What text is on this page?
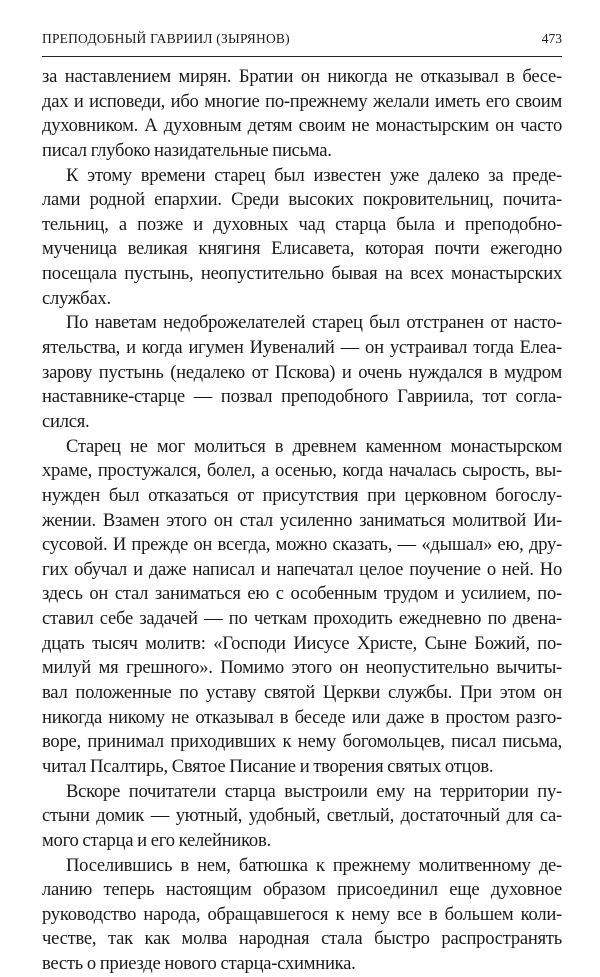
ПРЕПОДОБНЫЙ ГАВРИИЛ (ЗЫРЯНОВ)	473
за наставлением мирян. Братии он никогда не отказывал в бесе-
дах и исповеди, ибо многие по-прежнему желали иметь его своим
духовником. А духовным детям своим не монастырским он часто
писал глубоко назидательные письма.
К этому времени старец был известен уже далеко за преде-
лами родной епархии. Среди высоких покровительниц, почита-
тельниц, а позже и духовных чад старца была и преподобно-
мученица великая княгиня Елисавета, которая почти ежегодно
посещала пустынь, неопустительно бывая на всех монастырских
службах.
По наветам недоброжелателей старец был отстранен от насто-
ятельства, и когда игумен Иувеналий — он устраивал тогда Елеа-
зарову пустынь (недалеко от Пскова) и очень нуждался в мудром
наставнике-старце — позвал преподобного Гавриила, тот согла-
сился.
Старец не мог молиться в древнем каменном монастырском
храме, простужался, болел, а осенью, когда началась сырость, вы-
нужден был отказаться от присутствия при церковном богослу-
жении. Взамен этого он стал усиленно заниматься молитвой Ии-
сусовой. И прежде он всегда, можно сказать, — «дышал» ею, дру-
гих обучал и даже написал и напечатал целое поучение о ней. Но
здесь он стал заниматься ею с особенным трудом и усилием, по-
ставил себе задачей — по четкам проходить ежедневно по двена-
дцать тысяч молитв: «Господи Иисусе Христе, Сыне Божий, по-
милуй мя грешного». Помимо этого он неопустительно вычиты-
вал положенные по уставу святой Церкви службы. При этом он
никогда никому не отказывал в беседе или даже в простом разго-
воре, принимал приходивших к нему богомольцев, писал письма,
читал Псалтирь, Святое Писание и творения святых отцов.
Вскоре почитатели старца выстроили ему на территории пу-
стыни домик — уютный, удобный, светлый, достаточный для са-
мого старца и его келейников.
Поселившись в нем, батюшка к прежнему молитвенному де-
ланию теперь настоящим образом присоединил еще духовное
руководство народа, обращавшегося к нему все в большем коли-
честве, так как молва народная стала быстро распространять
весть о приезде нового старца-схимника.
